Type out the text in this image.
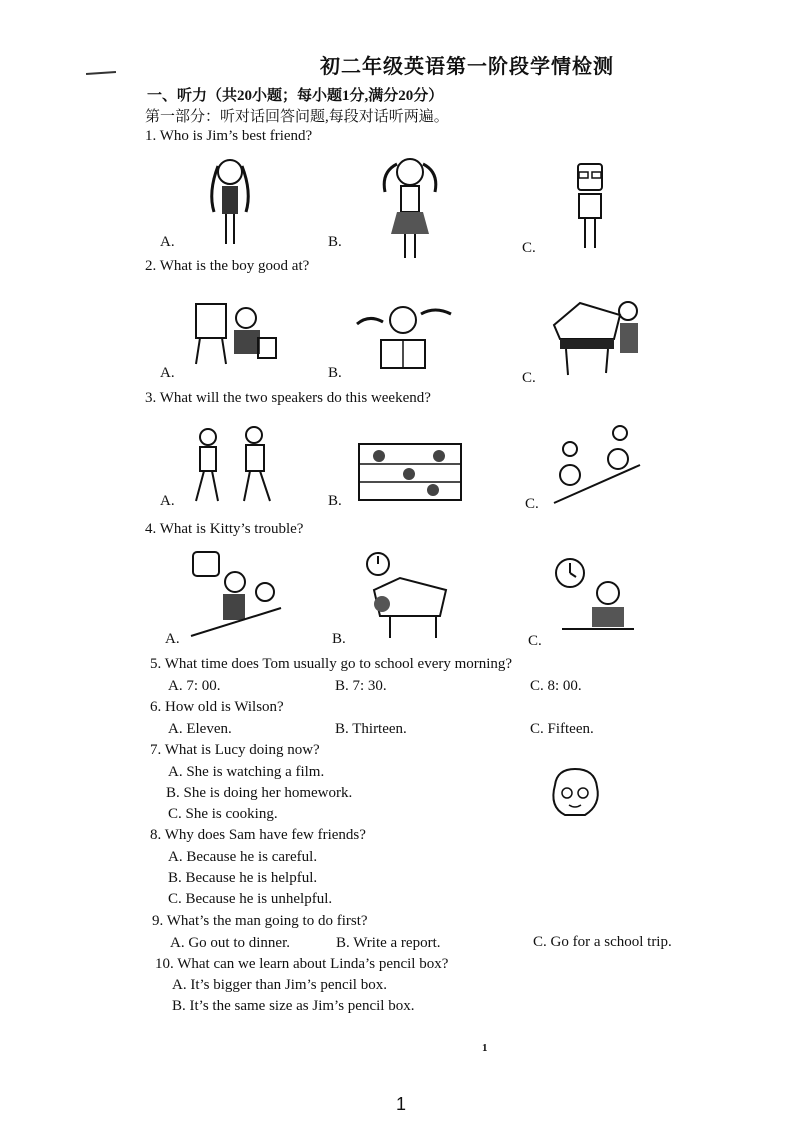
初二年级英语第一阶段学情检测
一、听力（共20小题；每小题1分,满分20分）
第一部分：听对话回答问题,每段对话听两遍。
1. Who is Jim’s best friend?
A.	B.	C.
2. What is the boy good at?
A.	B.	C.
3. What will the two speakers do this weekend?
A.	B.	C.
4. What is Kitty’s trouble?
A.	B.	C.
5. What time does Tom usually go to school every morning?
A. 7: 00.	B. 7: 30.	C. 8: 00.
6. How old is Wilson?
A. Eleven.	B. Thirteen.	C. Fifteen.
7. What is Lucy doing now?
A. She is watching a film.
B. She is doing her homework.
C. She is cooking.
8. Why does Sam have few friends?
A. Because he is careful.
B. Because he is helpful.
C. Because he is unhelpful.
9. What’s the man going to do first?
A. Go out to dinner.	B. Write a report.	C. Go for a school trip.
10. What can we learn about Linda’s pencil box?
A. It’s bigger than Jim’s pencil box.
B. It’s the same size as Jim’s pencil box.
1
1
